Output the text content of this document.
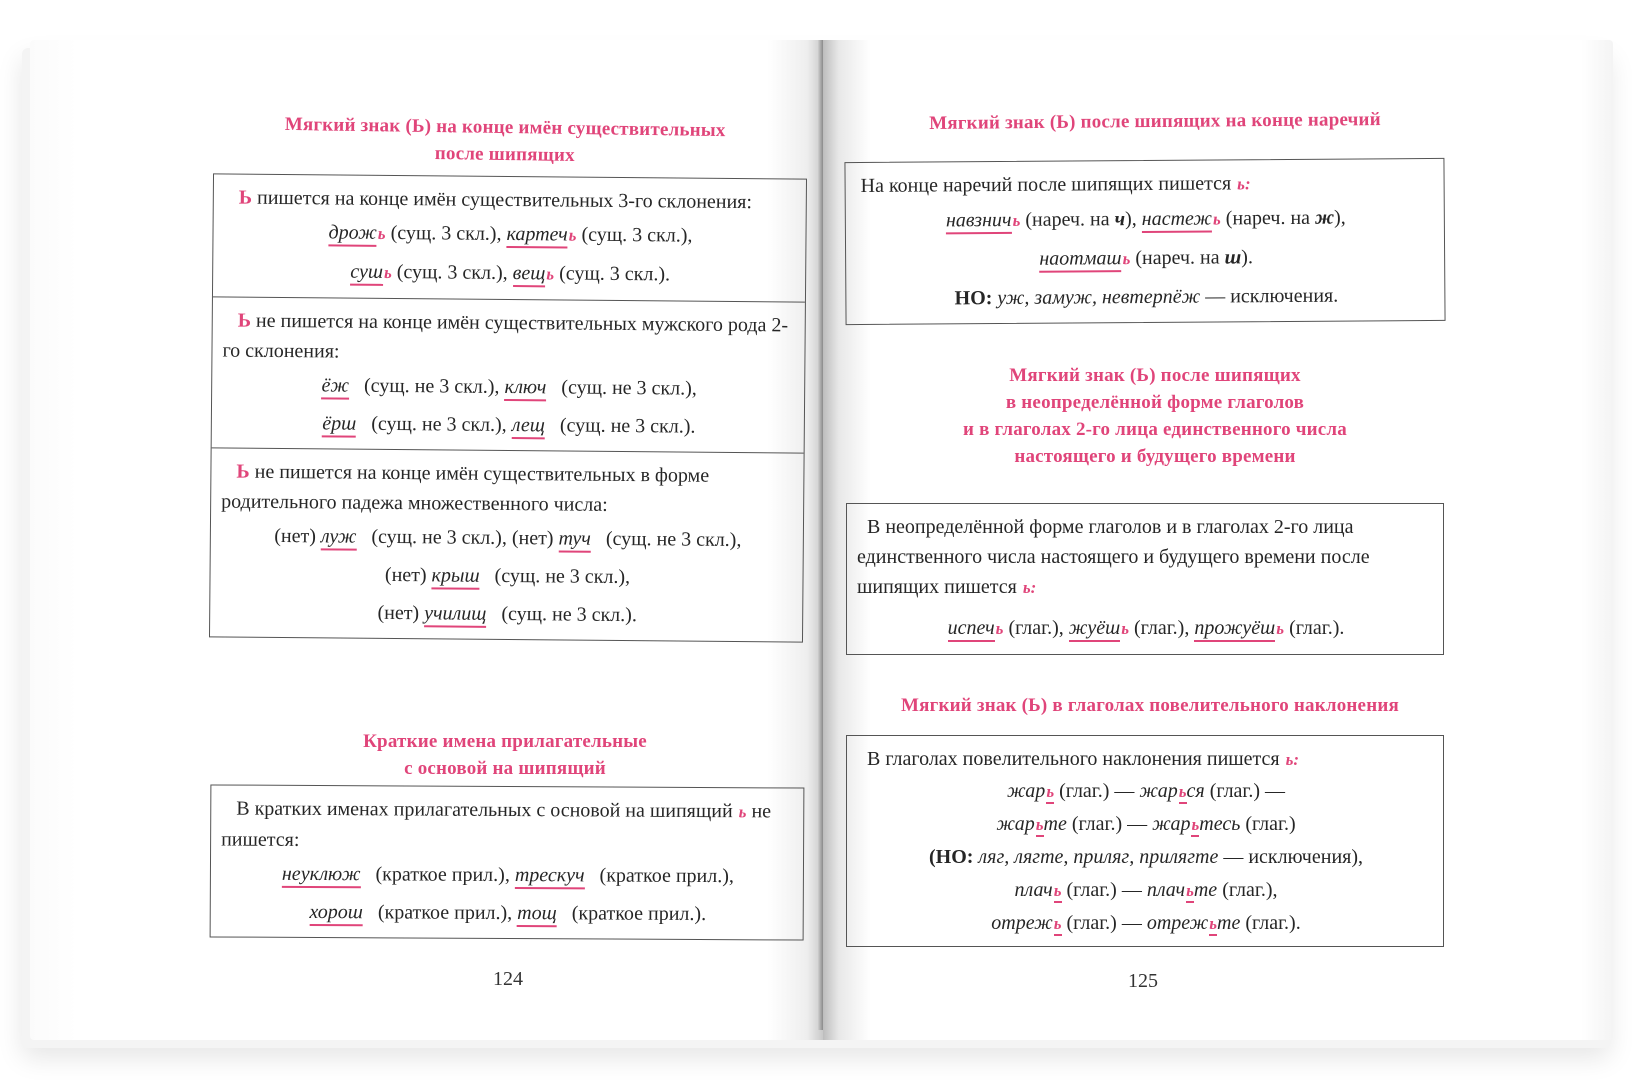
Мягкий знак (Ь) на конце имён существительных
после шипящих
Ь пишется на конце имён существительных 3-го склонения:
дрожь (сущ. 3 скл.), картечь (сущ. 3 скл.),
сушь (сущ. 3 скл.), вещь (сущ. 3 скл.).
Ь не пишется на конце имён существительных мужского рода 2-го склонения:
ёж (сущ. не 3 скл.), ключ (сущ. не 3 скл.),
ёрш (сущ. не 3 скл.), лещ (сущ. не 3 скл.).
Ь не пишется на конце имён существительных в форме родительного падежа множественного числа:
(нет) луж (сущ. не 3 скл.), (нет) туч (сущ. не 3 скл.),
(нет) крыш (сущ. не 3 скл.),
(нет) училищ (сущ. не 3 скл.).
Краткие имена прилагательные
с основой на шипящий
В кратких именах прилагательных с основой на шипящий ь не пишется:
неуклюж (краткое прил.), трескуч (краткое прил.),
хорош (краткое прил.), тощ (краткое прил.).
124
Мягкий знак (Ь) после шипящих на конце наречий
На конце наречий после шипящих пишется ь:
навзничь (нареч. на ч), настежь (нареч. на ж),
наотмашь (нареч. на ш).
НО: уж, замуж, невтерпёж — исключения.
Мягкий знак (Ь) после шипящих
в неопределённой форме глаголов
и в глаголах 2-го лица единственного числа
настоящего и будущего времени
В неопределённой форме глаголов и в глаголах 2-го лица единственного числа настоящего и будущего времени после шипящих пишется ь:
испечь (глаг.), жуёшь (глаг.), прожуёшь (глаг.).
Мягкий знак (Ь) в глаголах повелительного наклонения
В глаголах повелительного наклонения пишется ь:
жарь (глаг.) — жарься (глаг.) —
жарьте (глаг.) — жарьтесь (глаг.)
(НО: ляг, лягте, приляг, прилягте — исключения),
плачь (глаг.) — плачьте (глаг.),
отрежь (глаг.) — отрежьте (глаг.).
125
